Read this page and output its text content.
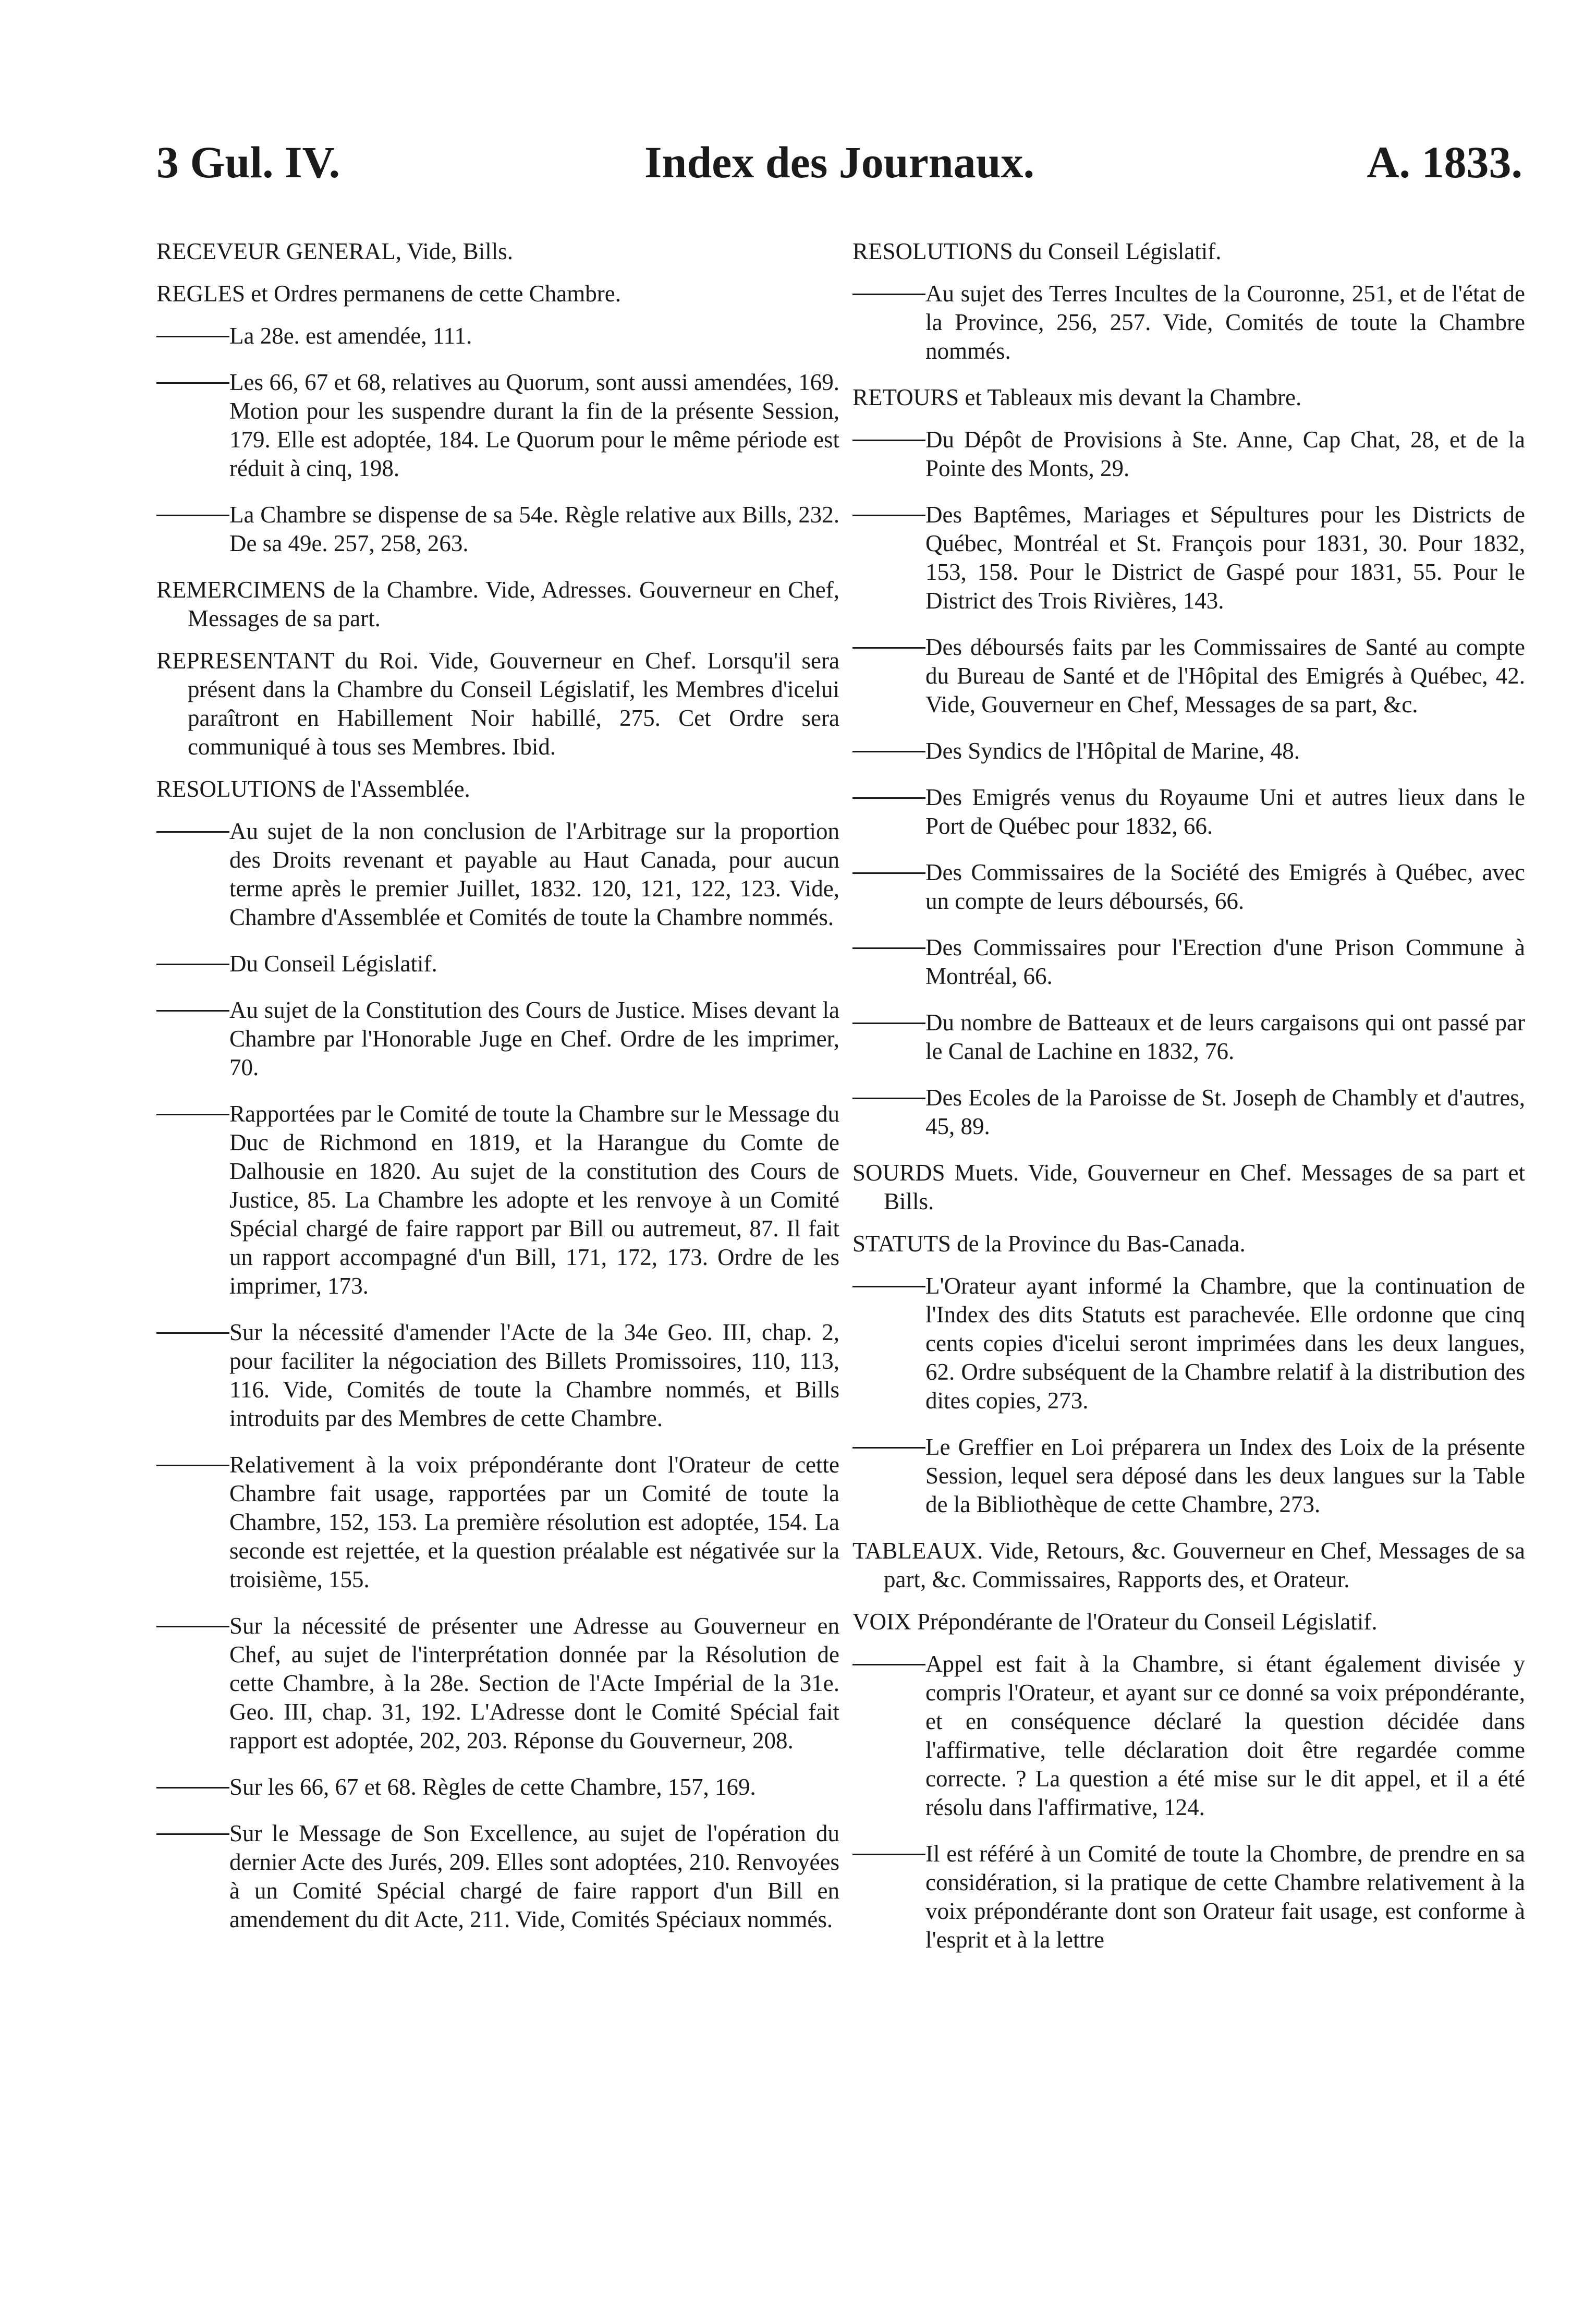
3 Gul. IV.	Index des Journaux.	A. 1833.

RECEVEUR GENERAL, Vide, Bills.

REGLES et Ordres permanens de cette Chambre.

La 28e. est amendée, 111.

Les 66, 67 et 68, relatives au Quorum, sont aussi amendées, 169. Motion pour les suspendre durant la fin de la présente Session, 179. Elle est adoptée, 184. Le Quorum pour le même période est réduit à cinq, 198.

La Chambre se dispense de sa 54e. Règle relative aux Bills, 232. De sa 49e. 257, 258, 263.

REMERCIMENS de la Chambre. Vide, Adresses. Gouverneur en Chef, Messages de sa part.

REPRESENTANT du Roi. Vide, Gouverneur en Chef. Lorsqu'il sera présent dans la Chambre du Conseil Législatif, les Membres d'icelui paraîtront en Habillement Noir habillé, 275. Cet Ordre sera communiqué à tous ses Membres. Ibid.

RESOLUTIONS de l'Assemblée.

Au sujet de la non conclusion de l'Arbitrage sur la proportion des Droits revenant et payable au Haut Canada, pour aucun terme après le premier Juillet, 1832. 120, 121, 122, 123. Vide, Chambre d'Assemblée et Comités de toute la Chambre nommés.

Du Conseil Législatif.

Au sujet de la Constitution des Cours de Justice. Mises devant la Chambre par l'Honorable Juge en Chef. Ordre de les imprimer, 70.

Rapportées par le Comité de toute la Chambre sur le Message du Duc de Richmond en 1819, et la Harangue du Comte de Dalhousie en 1820. Au sujet de la constitution des Cours de Justice, 85. La Chambre les adopte et les renvoye à un Comité Spécial chargé de faire rapport par Bill ou autremeut, 87. Il fait un rapport accompagné d'un Bill, 171, 172, 173. Ordre de les imprimer, 173.

Sur la nécessité d'amender l'Acte de la 34e Geo. III, chap. 2, pour faciliter la négociation des Billets Promissoires, 110, 113, 116. Vide, Comités de toute la Chambre nommés, et Bills introduits par des Membres de cette Chambre.

Relativement à la voix prépondérante dont l'Orateur de cette Chambre fait usage, rapportées par un Comité de toute la Chambre, 152, 153. La première résolution est adoptée, 154. La seconde est rejettée, et la question préalable est négativée sur la troisième, 155.

Sur la nécessité de présenter une Adresse au Gouverneur en Chef, au sujet de l'interprétation donnée par la Résolution de cette Chambre, à la 28e. Section de l'Acte Impérial de la 31e. Geo. III, chap. 31, 192. L'Adresse dont le Comité Spécial fait rapport est adoptée, 202, 203. Réponse du Gouverneur, 208.

Sur les 66, 67 et 68. Règles de cette Chambre, 157, 169.

Sur le Message de Son Excellence, au sujet de l'opération du dernier Acte des Jurés, 209. Elles sont adoptées, 210. Renvoyées à un Comité Spécial chargé de faire rapport d'un Bill en amendement du dit Acte, 211. Vide, Comités Spéciaux nommés.

RESOLUTIONS du Conseil Législatif.

Au sujet des Terres Incultes de la Couronne, 251, et de l'état de la Province, 256, 257. Vide, Comités de toute la Chambre nommés.

RETOURS et Tableaux mis devant la Chambre.

Du Dépôt de Provisions à Ste. Anne, Cap Chat, 28, et de la Pointe des Monts, 29.

Des Baptêmes, Mariages et Sépultures pour les Districts de Québec, Montréal et St. François pour 1831, 30. Pour 1832, 153, 158. Pour le District de Gaspé pour 1831, 55. Pour le District des Trois Rivières, 143.

Des déboursés faits par les Commissaires de Santé au compte du Bureau de Santé et de l'Hôpital des Emigrés à Québec, 42. Vide, Gouverneur en Chef, Messages de sa part, &c.

Des Syndics de l'Hôpital de Marine, 48.

Des Emigrés venus du Royaume Uni et autres lieux dans le Port de Québec pour 1832, 66.

Des Commissaires de la Société des Emigrés à Québec, avec un compte de leurs déboursés, 66.

Des Commissaires pour l'Erection d'une Prison Commune à Montréal, 66.

Du nombre de Batteaux et de leurs cargaisons qui ont passé par le Canal de Lachine en 1832, 76.

Des Ecoles de la Paroisse de St. Joseph de Chambly et d'autres, 45, 89.

SOURDS Muets. Vide, Gouverneur en Chef. Messages de sa part et Bills.

STATUTS de la Province du Bas-Canada.

L'Orateur ayant informé la Chambre, que la continuation de l'Index des dits Statuts est parachevée. Elle ordonne que cinq cents copies d'icelui seront imprimées dans les deux langues, 62. Ordre subséquent de la Chambre relatif à la distribution des dites copies, 273.

Le Greffier en Loi préparera un Index des Loix de la présente Session, lequel sera déposé dans les deux langues sur la Table de la Bibliothèque de cette Chambre, 273.

TABLEAUX. Vide, Retours, &c. Gouverneur en Chef, Messages de sa part, &c. Commissaires, Rapports des, et Orateur.

VOIX Prépondérante de l'Orateur du Conseil Législatif.

Appel est fait à la Chambre, si étant également divisée y compris l'Orateur, et ayant sur ce donné sa voix prépondérante, et en conséquence déclaré la question décidée dans l'affirmative, telle déclaration doit être regardée comme correcte. ? La question a été mise sur le dit appel, et il a été résolu dans l'affirmative, 124.

Il est référé à un Comité de toute la Chombre, de prendre en sa considération, si la pratique de cette Chambre relativement à la voix prépondérante dont son Orateur fait usage, est conforme à l'esprit et à la lettre
